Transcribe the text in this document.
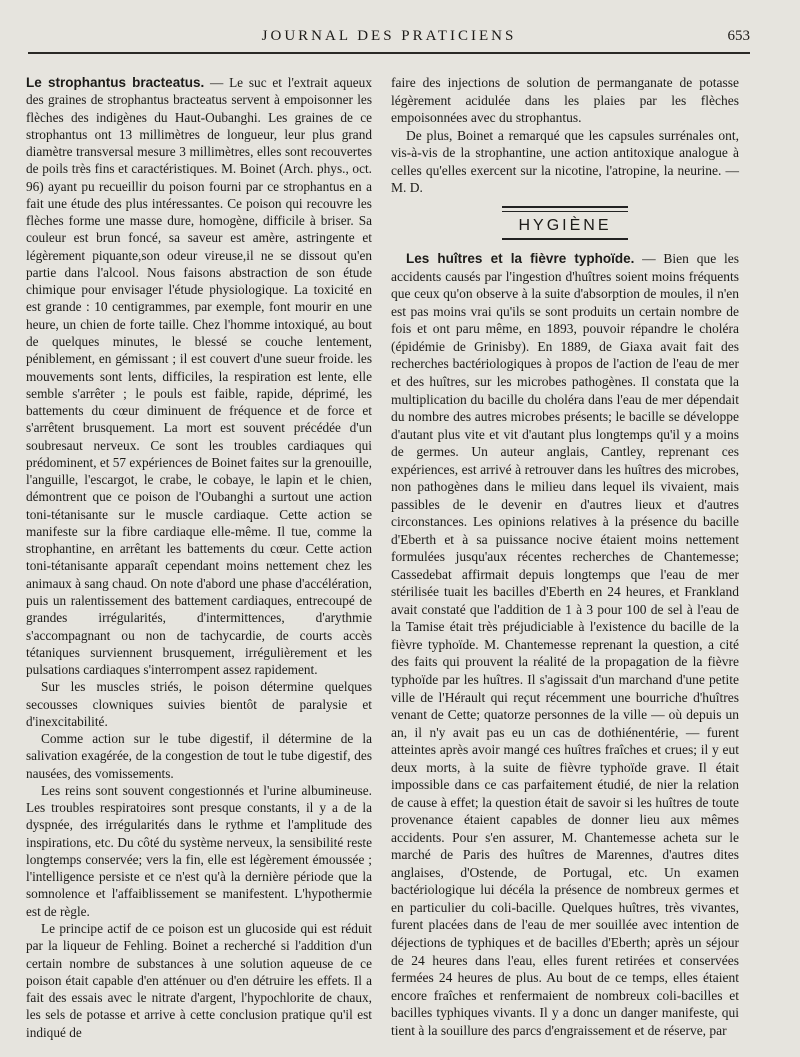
JOURNAL DES PRATICIENS	653

Le strophantus bracteatus. — Le suc et l'extrait aqueux des graines de strophantus bracteatus servent à empoisonner les flèches des indigènes du Haut-Oubanghi. Les graines de ce strophantus ont 13 millimètres de longueur, leur plus grand diamètre transversal mesure 3 millimètres, elles sont recouvertes de poils très fins et caractéristiques. M. Boinet (Arch. phys., oct. 96) ayant pu recueillir du poison fourni par ce strophantus en a fait une étude des plus intéressantes. Ce poison qui recouvre les flèches forme une masse dure, homogène, difficile à briser. Sa couleur est brun foncé, sa saveur est amère, astringente et légèrement piquante,son odeur vireuse,il ne se dissout qu'en partie dans l'alcool. Nous faisons abstraction de son étude chimique pour envisager l'étude physiologique. La toxicité en est grande : 10 centigrammes, par exemple, font mourir en une heure, un chien de forte taille. Chez l'homme intoxiqué, au bout de quelques minutes, le blessé se couche lentement, péniblement, en gémissant ; il est couvert d'une sueur froide. les mouvements sont lents, difficiles, la respiration est lente, elle semble s'arrêter ; le pouls est faible, rapide, déprimé, les battements du cœur diminuent de fréquence et de force et s'arrêtent brusquement. La mort est souvent précédée d'un soubresaut nerveux. Ce sont les troubles cardiaques qui prédominent, et 57 expériences de Boinet faites sur la grenouille, l'anguille, l'escargot, le crabe, le cobaye, le lapin et le chien, démontrent que ce poison de l'Oubanghi a surtout une action toni-tétanisante sur le muscle cardiaque. Cette action se manifeste sur la fibre cardiaque elle-même. Il tue, comme la strophantine, en arrêtant les battements du cœur. Cette action toni-tétanisante apparaît cependant moins nettement chez les animaux à sang chaud. On note d'abord une phase d'accélération, puis un ralentissement des battement cardiaques, entrecoupé de grandes irrégularités, d'intermittences, d'arythmie s'accompagnant ou non de tachycardie, de courts accès tétaniques surviennent brusquement, irrégulièrement et les pulsations cardiaques s'interrompent assez rapidement.

Sur les muscles striés, le poison détermine quelques secousses clowniques suivies bientôt de paralysie et d'inexcitabilité.

Comme action sur le tube digestif, il détermine de la salivation exagérée, de la congestion de tout le tube digestif, des nausées, des vomissements.

Les reins sont souvent congestionnés et l'urine albumineuse. Les troubles respiratoires sont presque constants, il y a de la dyspnée, des irrégularités dans le rythme et l'amplitude des inspirations, etc. Du côté du système nerveux, la sensibilité reste longtemps conservée; vers la fin, elle est légèrement émoussée ; l'intelligence persiste et ce n'est qu'à la dernière période que la somnolence et l'affaiblissement se manifestent. L'hypothermie est de règle.

Le principe actif de ce poison est un glucoside qui est réduit par la liqueur de Fehling. Boinet a recherché si l'addition d'un certain nombre de substances à une solution aqueuse de ce poison était capable d'en atténuer ou d'en détruire les effets. Il a fait des essais avec le nitrate d'argent, l'hypochlorite de chaux, les sels de potasse et arrive à cette conclusion pratique qu'il est indiqué de

faire des injections de solution de permanganate de potasse légèrement acidulée dans les plaies par les flèches empoisonnées avec du strophantus.

De plus, Boinet a remarqué que les capsules surrénales ont, vis-à-vis de la strophantine, une action antitoxique analogue à celles qu'elles exercent sur la nicotine, l'atropine, la neurine. — M. D.

HYGIÈNE

Les huîtres et la fièvre typhoïde. — Bien que les accidents causés par l'ingestion d'huîtres soient moins fréquents que ceux qu'on observe à la suite d'absorption de moules, il n'en est pas moins vrai qu'ils se sont produits un certain nombre de fois et ont paru même, en 1893, pouvoir répandre le choléra (épidémie de Grinisby). En 1889, de Giaxa avait fait des recherches bactériologiques à propos de l'action de l'eau de mer et des huîtres, sur les microbes pathogènes. Il constata que la multiplication du bacille du choléra dans l'eau de mer dépendait du nombre des autres microbes présents; le bacille se développe d'autant plus vite et vit d'autant plus longtemps qu'il y a moins de germes. Un auteur anglais, Cantley, reprenant ces expériences, est arrivé à retrouver dans les huîtres des microbes, non pathogènes dans le milieu dans lequel ils vivaient, mais passibles de le devenir en d'autres lieux et d'autres circonstances. Les opinions relatives à la présence du bacille d'Eberth et à sa puissance nocive étaient moins nettement formulées jusqu'aux récentes recherches de Chantemesse; Cassedebat affirmait depuis longtemps que l'eau de mer stérilisée tuait les bacilles d'Eberth en 24 heures, et Frankland avait constaté que l'addition de 1 à 3 pour 100 de sel à l'eau de la Tamise était très préjudiciable à l'existence du bacille de la fièvre typhoïde. M. Chantemesse reprenant la question, a cité des faits qui prouvent la réalité de la propagation de la fièvre typhoïde par les huîtres. Il s'agissait d'un marchand d'une petite ville de l'Hérault qui reçut récemment une bourriche d'huîtres venant de Cette; quatorze personnes de la ville — où depuis un an, il n'y avait pas eu un cas de dothiénentérie, — furent atteintes après avoir mangé ces huîtres fraîches et crues; il y eut deux morts, à la suite de fièvre typhoïde grave. Il était impossible dans ce cas parfaitement étudié, de nier la relation de cause à effet; la question était de savoir si les huîtres de toute provenance étaient capables de donner lieu aux mêmes accidents. Pour s'en assurer, M. Chantemesse acheta sur le marché de Paris des huîtres de Marennes, d'autres dites anglaises, d'Ostende, de Portugal, etc. Un examen bactériologique lui décéla la présence de nombreux germes et en particulier du coli-bacille. Quelques huîtres, très vivantes, furent placées dans de l'eau de mer souillée avec intention de déjections de typhiques et de bacilles d'Eberth; après un séjour de 24 heures dans l'eau, elles furent retirées et conservées fermées 24 heures de plus. Au bout de ce temps, elles étaient encore fraîches et renfermaient de nombreux coli-bacilles et bacilles typhiques vivants. Il y a donc un danger manifeste, qui tient à la souillure des parcs d'engraissement et de réserve, par
